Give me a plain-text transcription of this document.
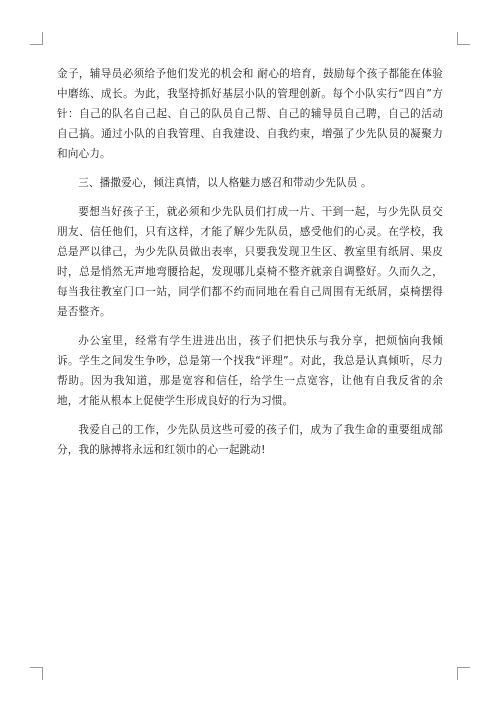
金子，辅导员必须给予他们发光的机会和 耐心的培育，鼓励每个孩子都能在体验中磨练、成长。为此，我坚持抓好基层小队的管理创新。每个小队实行“四自”方针：自己的队名自己起、自己的队员自己帮、自己的辅导员自己聘，自己的活动自己搞。通过小队的自我管理、自我建设、自我约束，增强了少先队员的凝聚力和向心力。

三、播撒爱心，倾注真情，以人格魅力感召和带动少先队员 。

要想当好孩子王，就必须和少先队员们打成一片、干到一起，与少先队员交朋友、信任他们，只有这样，才能了解少先队员，感受他们的心灵。在学校，我总是严以律己，为少先队员做出表率，只要我发现卫生区、教室里有纸屑、果皮时，总是悄然无声地弯腰拾起，发现哪儿桌椅不整齐就亲自调整好。久而久之，每当我往教室门口一站，同学们都不约而同地在看自己周围有无纸屑，桌椅摆得是否整齐。

办公室里，经常有学生进进出出，孩子们把快乐与我分享，把烦恼向我倾诉。学生之间发生争吵，总是第一个找我“评理”。对此，我总是认真倾听，尽力帮助。因为我知道，那是宽容和信任，给学生一点宽容，让他有自我反省的余地，才能从根本上促使学生形成良好的行为习惯。

我爱自己的工作，少先队员这些可爱的孩子们，成为了我生命的重要组成部分，我的脉搏将永远和红领巾的心一起跳动!
